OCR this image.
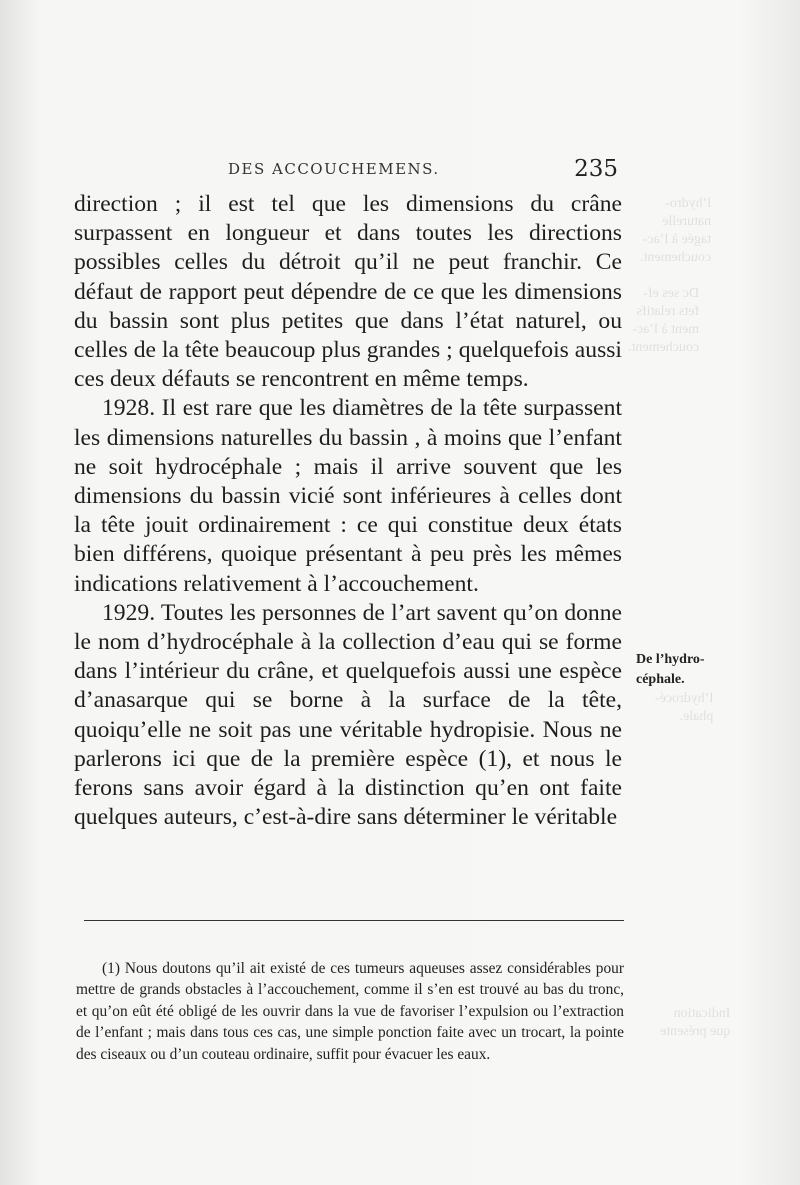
l’hydro-
naturelle
tagée à l’ac-
couchement.
Dc ses ef-
fets relatifs
ment à l’ac-
couchement.
l’hydrocé-
phale.
Indication
que présente
DES ACCOUCHEMENS.	235

direction ; il est tel que les dimensions du crâne surpassent en longueur et dans toutes les directions possibles celles du détroit qu’il ne peut franchir. Ce défaut de rapport peut dépendre de ce que les dimensions du bassin sont plus petites que dans l’état naturel, ou celles de la tête beaucoup plus grandes ; quelquefois aussi ces deux défauts se rencontrent en même temps.

1928. Il est rare que les diamètres de la tête surpassent les dimensions naturelles du bassin , à moins que l’enfant ne soit hydrocéphale ; mais il arrive souvent que les dimensions du bassin vicié sont inférieures à celles dont la tête jouit ordinairement : ce qui constitue deux états bien différens, quoique présentant à peu près les mêmes indications relativement à l’accouchement.

1929. Toutes les personnes de l’art savent qu’on donne le nom d’hydrocéphale à la collection d’eau qui se forme dans l’intérieur du crâne, et quelquefois aussi une espèce d’anasarque qui se borne à la surface de la tête, quoiqu’elle ne soit pas une véritable hydropisie. Nous ne parlerons ici que de la première espèce (1), et nous le ferons sans avoir égard à la distinction qu’en ont faite quelques auteurs, c’est-à-dire sans déterminer le véritable

De l’hydro-
céphale.

(1) Nous doutons qu’il ait existé de ces tumeurs aqueuses assez considérables pour mettre de grands obstacles à l’accouchement, comme il s’en est trouvé au bas du tronc, et qu’on eût été obligé de les ouvrir dans la vue de favoriser l’expulsion ou l’extraction de l’enfant ; mais dans tous ces cas, une simple ponction faite avec un trocart, la pointe des ciseaux ou d’un couteau ordinaire, suffit pour évacuer les eaux.
